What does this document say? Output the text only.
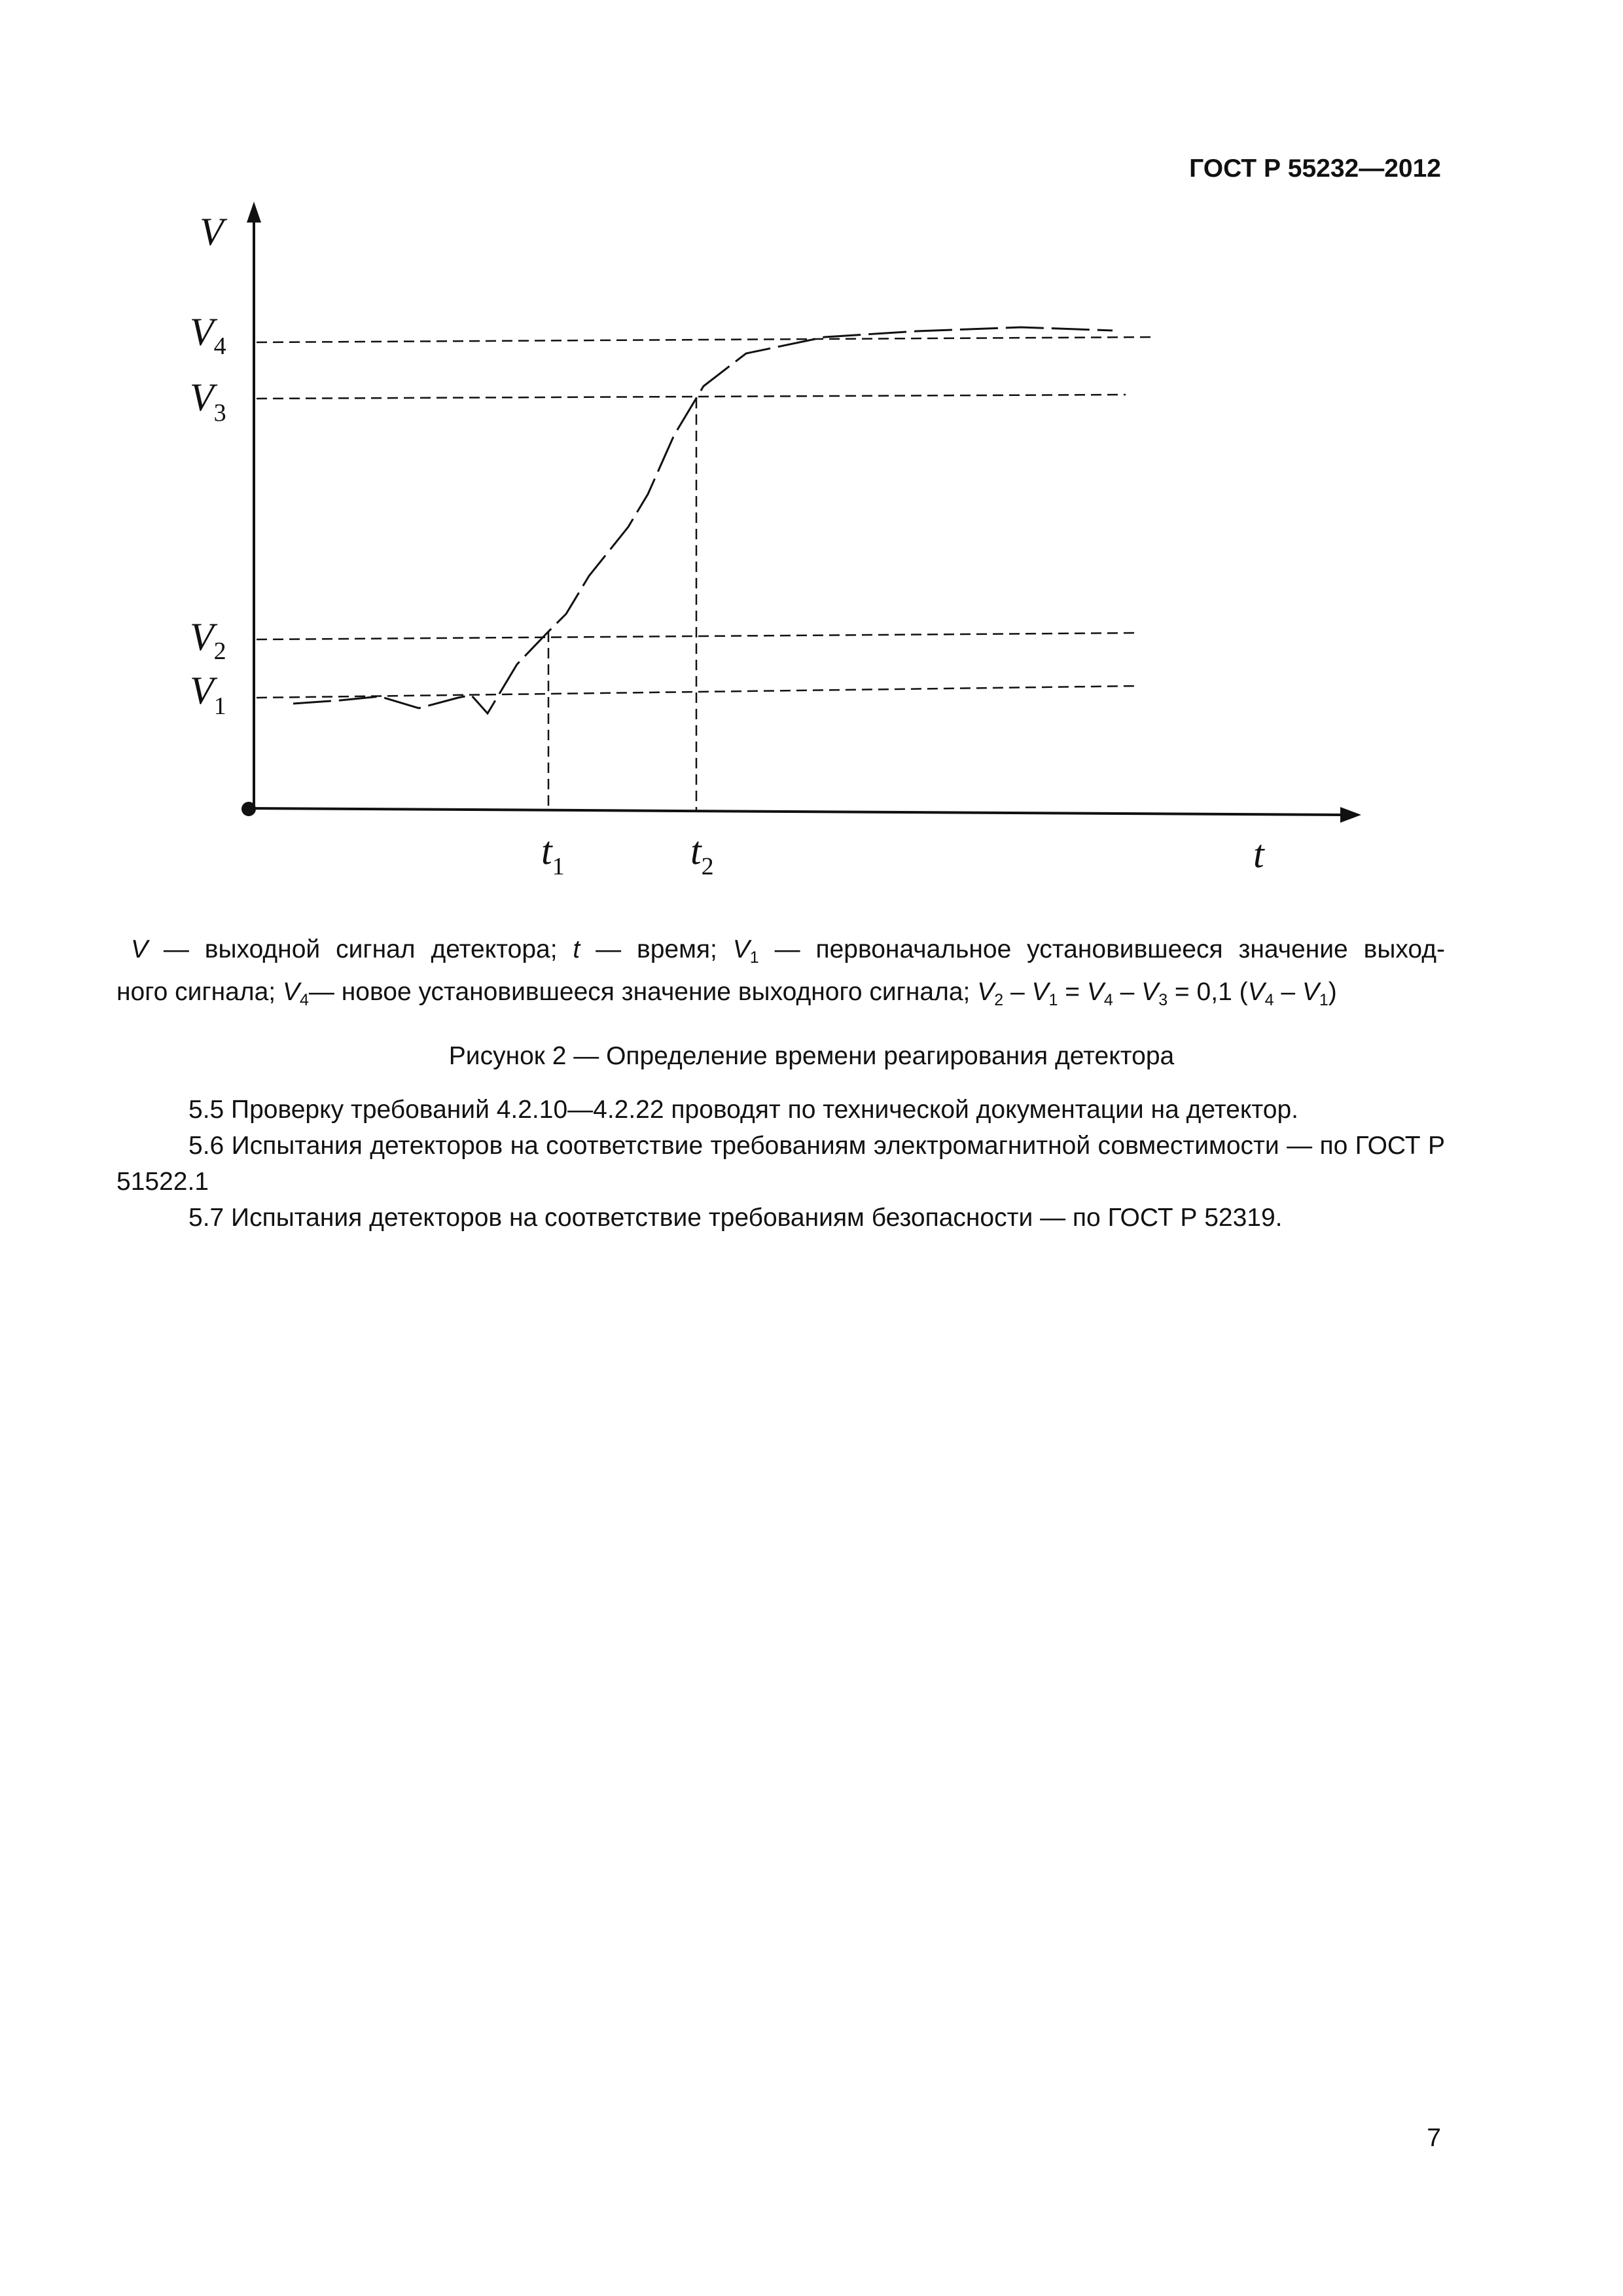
ГОСТ Р 55232—2012
V
t
V4
V3
V2
V1
t1	t2
V — выходной сигнал детектора; t — время; $V_1$ — первоначальное установившееся значение выход-
ного сигнала; $V_4—$ новое установившееся значение выходного сигнала; $V_2 - V_1 = V_4 - V_3 = 0,1$ $(V_4 - V_1)$
Рисунок 2 — Определение времени реагирования детектора

5.5 Проверку требований 4.2.10—4.2.22 проводят по технической документации на детектор.

5.6 Испытания детекторов на соответствие требованиям электромагнитной совместимости — по ГОСТ Р 51522.1

5.7 Испытания детекторов на соответствие требованиям безопасности — по ГОСТ Р 52319.

7
